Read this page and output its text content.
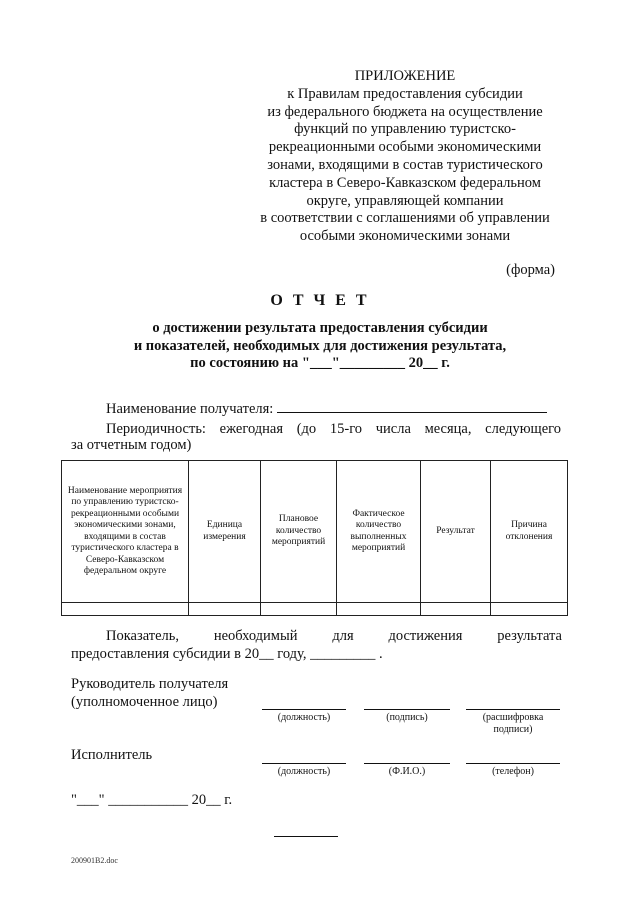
ПРИЛОЖЕНИЕ
к Правилам предоставления субсидии
из федерального бюджета на осуществление
функций по управлению туристско-
рекреационными особыми экономическими
зонами, входящими в состав туристического
кластера в Северо-Кавказском федеральном
округе, управляющей компании
в соответствии с соглашениями об управлении
особыми экономическими зонами
(форма)
О Т Ч Е Т
о достижении результата предоставления субсидии
и показателей, необходимых для достижения результата,
по состоянию на "___"_________ 20__ г.
Наименование получателя:
Периодичность: ежегодная (до 15-го числа месяца, следующего
за отчетным годом)
Наименование мероприятия по управлению туристско-рекреационными особыми экономическими зонами, входящими в состав туристического кластера в Северо-Кавказском федеральном округе	Единица измерения	Плановое количество мероприятий	Фактическое количество выполненных мероприятий	Результат	Причина отклонения

Показатель, необходимый для достижения результата
предоставления субсидии в 20__ году, _________ .
Руководитель получателя
(уполномоченное лицо)
(должность)	(подпись)	(расшифровка подписи)
Исполнитель
(должность)	(Ф.И.О.)	(телефон)
"___" ___________ 20__ г.
200901B2.doc
